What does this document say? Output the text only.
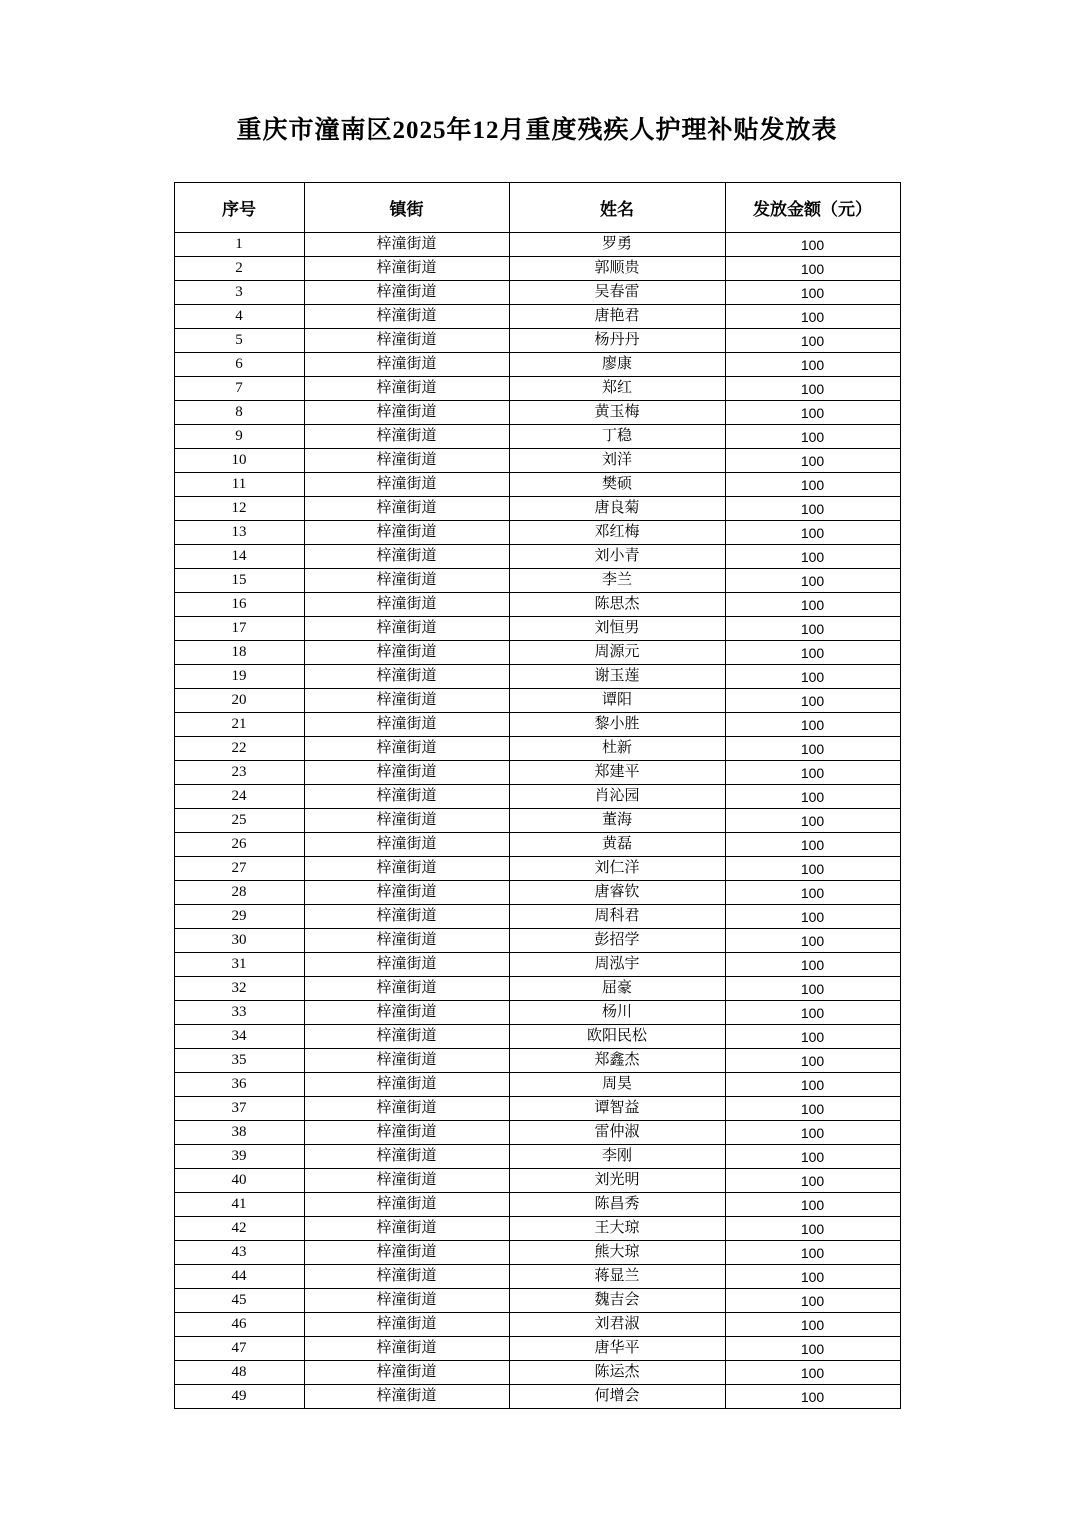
重庆市潼南区2025年12月重度残疾人护理补贴发放表
序号	镇街	姓名	发放金额（元）
1	梓潼街道	罗勇	100
2	梓潼街道	郭顺贵	100
3	梓潼街道	吴春雷	100
4	梓潼街道	唐艳君	100
5	梓潼街道	杨丹丹	100
6	梓潼街道	廖康	100
7	梓潼街道	郑红	100
8	梓潼街道	黄玉梅	100
9	梓潼街道	丁稳	100
10	梓潼街道	刘洋	100
11	梓潼街道	樊硕	100
12	梓潼街道	唐良菊	100
13	梓潼街道	邓红梅	100
14	梓潼街道	刘小青	100
15	梓潼街道	李兰	100
16	梓潼街道	陈思杰	100
17	梓潼街道	刘恒男	100
18	梓潼街道	周源元	100
19	梓潼街道	谢玉莲	100
20	梓潼街道	谭阳	100
21	梓潼街道	黎小胜	100
22	梓潼街道	杜新	100
23	梓潼街道	郑建平	100
24	梓潼街道	肖沁园	100
25	梓潼街道	董海	100
26	梓潼街道	黄磊	100
27	梓潼街道	刘仁洋	100
28	梓潼街道	唐睿钦	100
29	梓潼街道	周科君	100
30	梓潼街道	彭招学	100
31	梓潼街道	周泓宇	100
32	梓潼街道	屈豪	100
33	梓潼街道	杨川	100
34	梓潼街道	欧阳民松	100
35	梓潼街道	郑鑫杰	100
36	梓潼街道	周昊	100
37	梓潼街道	谭智益	100
38	梓潼街道	雷仲淑	100
39	梓潼街道	李刚	100
40	梓潼街道	刘光明	100
41	梓潼街道	陈昌秀	100
42	梓潼街道	王大琼	100
43	梓潼街道	熊大琼	100
44	梓潼街道	蒋显兰	100
45	梓潼街道	魏吉会	100
46	梓潼街道	刘君淑	100
47	梓潼街道	唐华平	100
48	梓潼街道	陈运杰	100
49	梓潼街道	何增会	100
